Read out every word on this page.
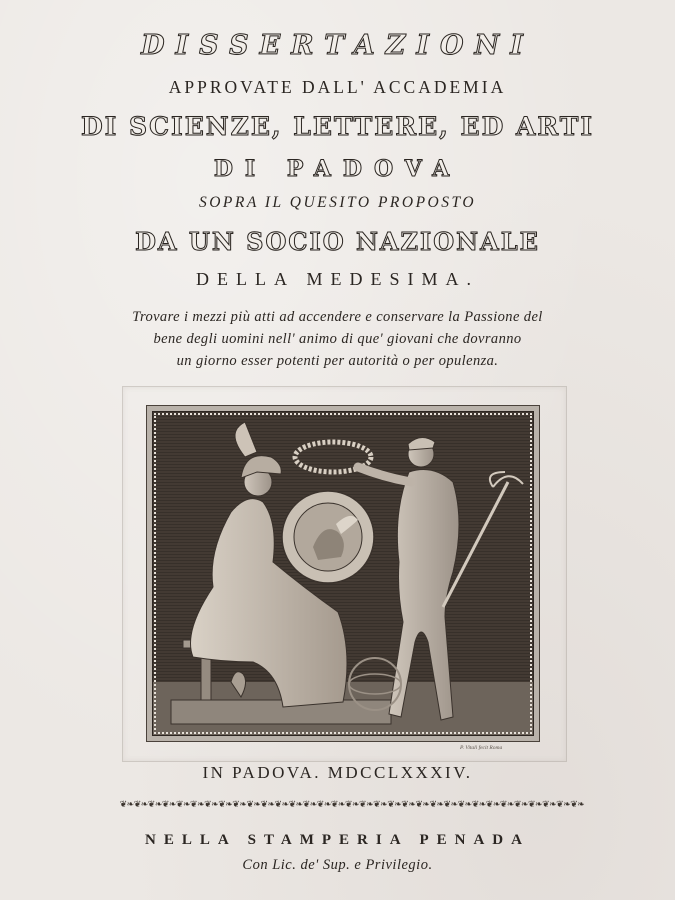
DISSERTAZIONI
APPROVATE DALL' ACCADEMIA
DI SCIENZE, LETTERE, ED ARTI
DI PADOVA
SOPRA IL QUESITO PROPOSTO
DA UN SOCIO NAZIONALE
DELLA MEDESIMA.
Trovare i mezzi più atti ad accendere e conservare la Passione del
bene degli uomini nell' animo di que' giovani che dovranno
un giorno esser potenti per autorità o per opulenza.
P. Vitali fecit Roma
IN PADOVA. MDCCLXXXIV.
❦❧❦❧❦❧❦❧❦❧❦❧❦❧❦❧❦❧❦❧❦❧❦❧❦❧❦❧❦❧❦❧❦❧❦❧❦❧❦❧❦❧❦❧❦❧❦❧❦❧❦❧❦❧❦❧❦❧❦❧❦❧❦❧❦❧
NELLA STAMPERIA PENADA
Con Lic. de' Sup. e Privilegio.
